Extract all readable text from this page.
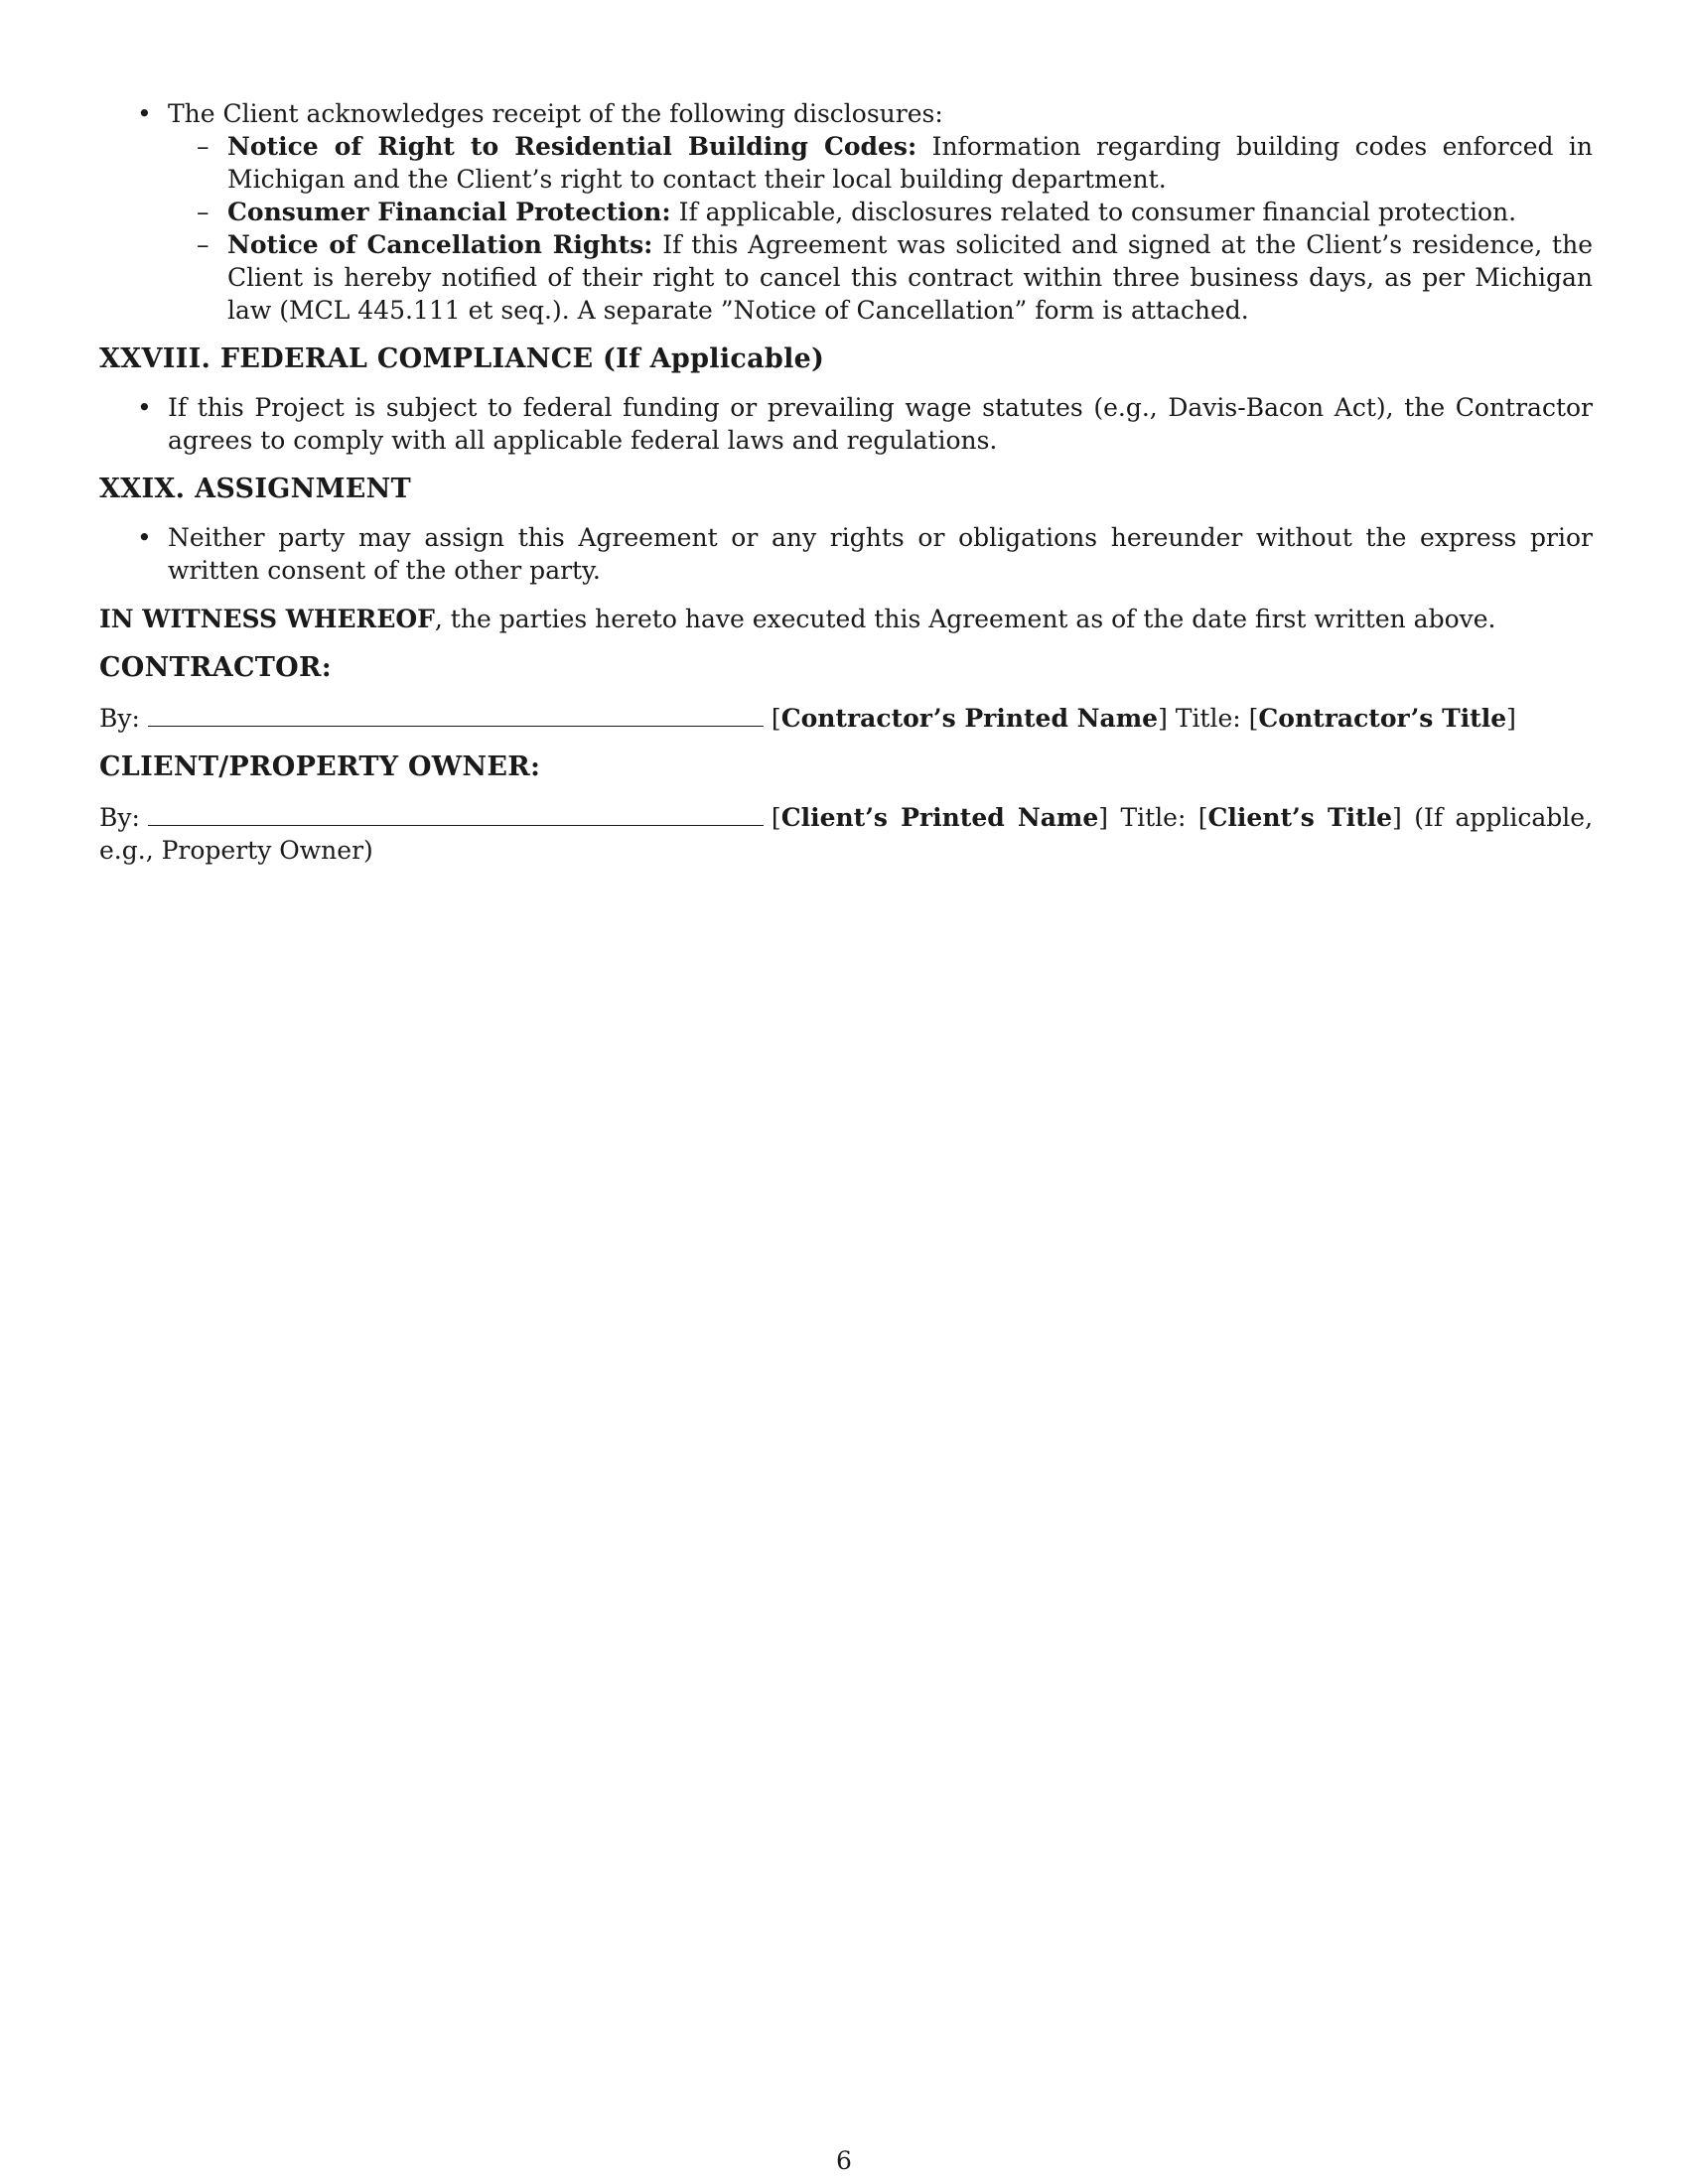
• The Client acknowledges receipt of the following disclosures:
– Notice of Right to Residential Building Codes: Information regarding building codes enforced in Michigan and the Client’s right to contact their local building department.
– Consumer Financial Protection: If applicable, disclosures related to consumer financial protection.
– Notice of Cancellation Rights: If this Agreement was solicited and signed at the Client’s residence, the Client is hereby notified of their right to cancel this contract within three business days, as per Michigan law (MCL 445.111 et seq.). A separate ”Notice of Cancellation” form is attached.
XXVIII. FEDERAL COMPLIANCE (If Applicable)
• If this Project is subject to federal funding or prevailing wage statutes (e.g., Davis-Bacon Act), the Contractor agrees to comply with all applicable federal laws and regulations.
XXIX. ASSIGNMENT
• Neither party may assign this Agreement or any rights or obligations hereunder without the express prior written consent of the other party.

IN WITNESS WHEREOF, the parties hereto have executed this Agreement as of the date first written above.

CONTRACTOR:

By:	[Contractor’s Printed Name] Title: [Contractor’s Title]

CLIENT/PROPERTY OWNER:

By:	[Client’s Printed Name] Title: [Client’s Title] (If applicable, e.g., Property Owner)

6
